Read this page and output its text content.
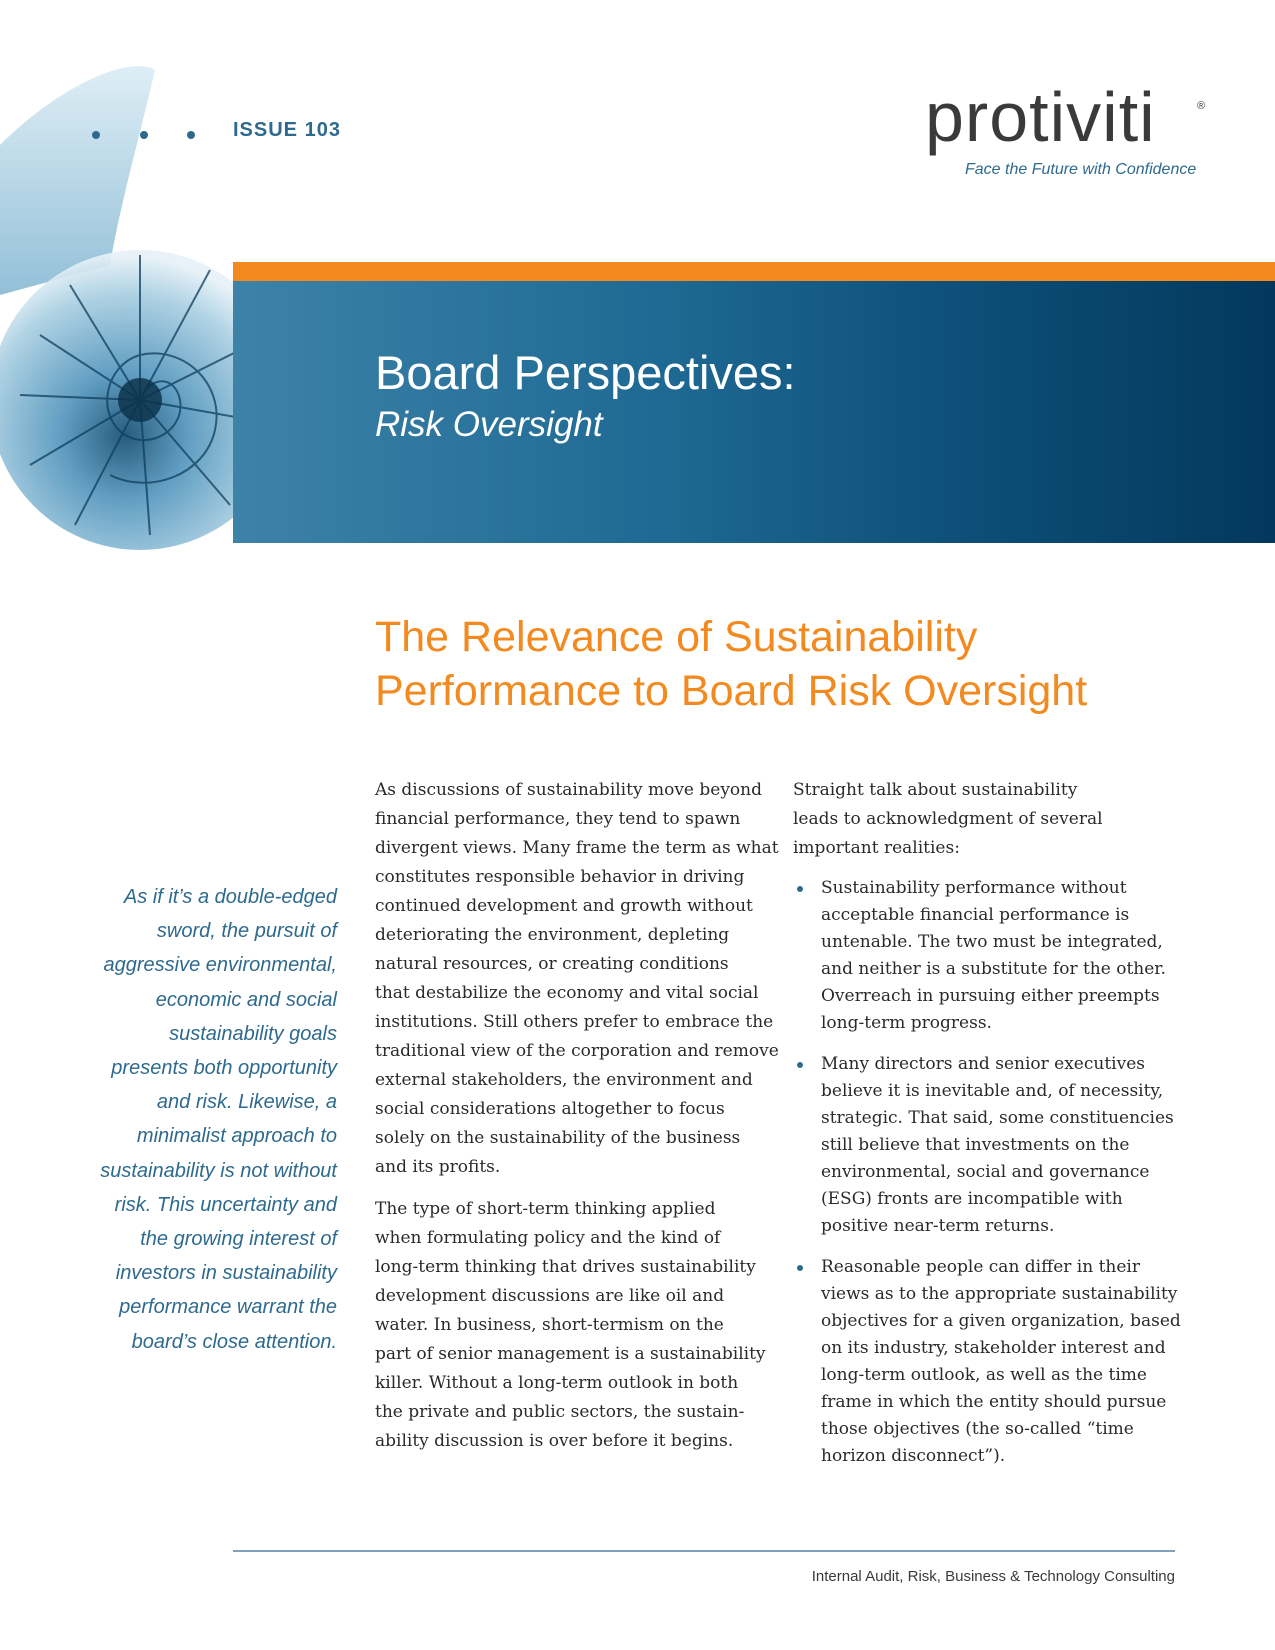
ISSUE 103	protiviti	®
Face the Future with Confidence
Board Perspectives:
Risk Oversight
The Relevance of Sustainability
Performance to Board Risk Oversight
As if it’s a double-edged
sword, the pursuit of
aggressive environmental,
economic and social
sustainability goals
presents both opportunity
and risk. Likewise, a
minimalist approach to
sustainability is not without
risk. This uncertainty and
the growing interest of
investors in sustainability
performance warrant the
board’s close attention.
As discussions of sustainability move beyond
financial performance, they tend to spawn
divergent views. Many frame the term as what
constitutes responsible behavior in driving
continued development and growth without
deteriorating the environment, depleting
natural resources, or creating conditions
that destabilize the economy and vital social
institutions. Still others prefer to embrace the
traditional view of the corporation and remove
external stakeholders, the environment and
social considerations altogether to focus
solely on the sustainability of the business
and its profits.
The type of short-term thinking applied
when formulating policy and the kind of
long-term thinking that drives sustainability
development discussions are like oil and
water. In business, short-termism on the
part of senior management is a sustainability
killer. Without a long-term outlook in both
the private and public sectors, the sustain-
ability discussion is over before it begins.
Straight talk about sustainability
leads to acknowledgment of several
important realities:
Sustainability performance without
acceptable financial performance is
untenable. The two must be integrated,
and neither is a substitute for the other.
Overreach in pursuing either preempts
long-term progress.
Many directors and senior executives
believe it is inevitable and, of necessity,
strategic. That said, some constituencies
still believe that investments on the
environmental, social and governance
(ESG) fronts are incompatible with
positive near-term returns.
Reasonable people can differ in their
views as to the appropriate sustainability
objectives for a given organization, based
on its industry, stakeholder interest and
long-term outlook, as well as the time
frame in which the entity should pursue
those objectives (the so-called “time
horizon disconnect”).
Internal Audit, Risk, Business & Technology Consulting
